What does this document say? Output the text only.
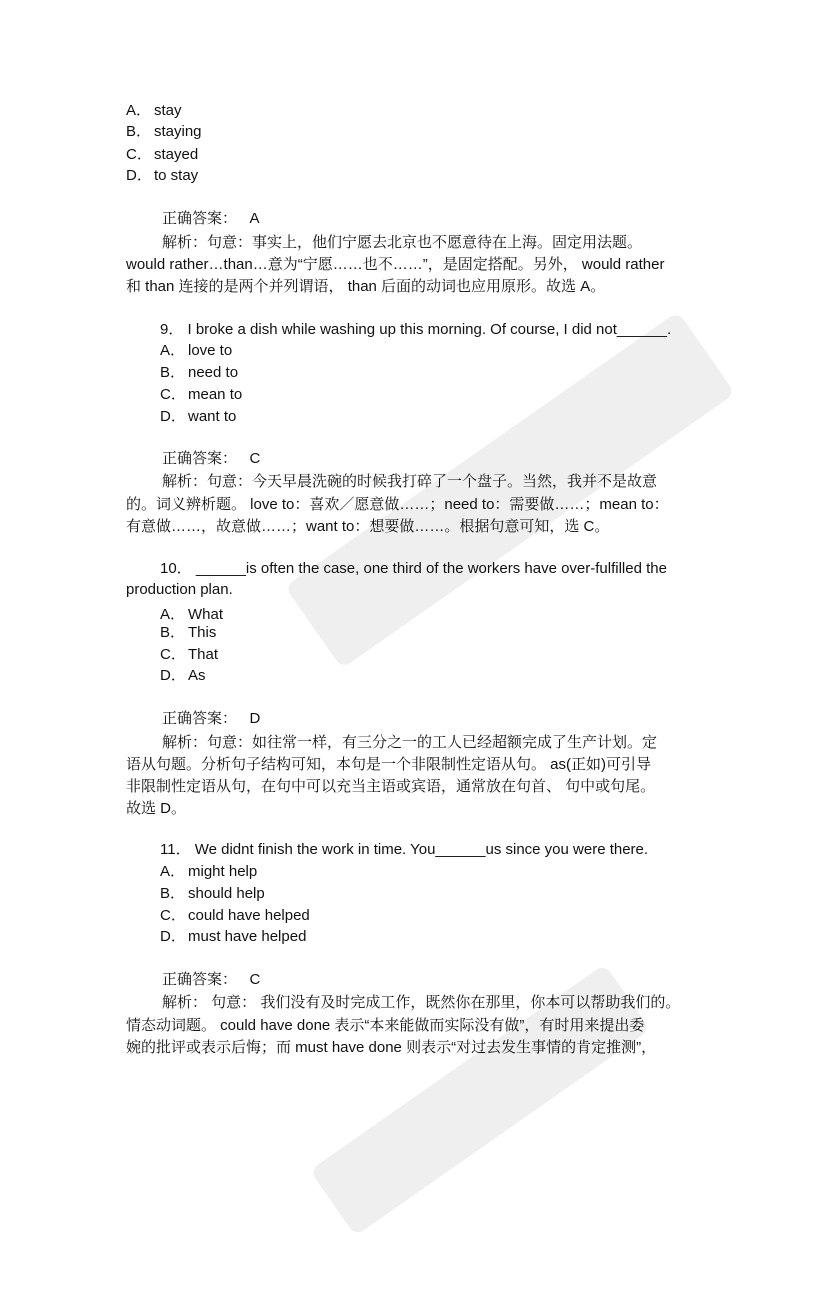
A． stay
B． staying
C． stayed
D． to stay
正确答案： A
解析：句意：事实上，他们宁愿去北京也不愿意待在上海。固定用法题。
would rather…than…意为“宁愿……也不……”，是固定搭配。另外， would rather
和 than 连接的是两个并列谓语， than 后面的动词也应用原形。故选 A。
9． I broke a dish while washing up this morning. Of course, I did not______.
A． love to
B． need to
C． mean to
D． want to
正确答案： C
解析：句意：今天早晨洗碗的时候我打碎了一个盘子。当然，我并不是故意
的。词义辨析题。 love to：喜欢／愿意做……；need to：需要做……；mean to：
有意做……，故意做……；want to：想要做……。根据句意可知，选 C。
10． ______is often the case, one third of the workers have over-fulfilled the
production plan.
A． What
B． This
C． That
D． As
正确答案： D
解析：句意：如往常一样，有三分之一的工人已经超额完成了生产计划。定
语从句题。分析句子结构可知，本句是一个非限制性定语从句。 as(正如)可引导
非限制性定语从句，在句中可以充当主语或宾语，通常放在句首、 句中或句尾。
故选 D。
11． We didnt finish the work in time. You______us since you were there.
A． might help
B． should help
C． could have helped
D． must have helped
正确答案： C
解析： 句意： 我们没有及时完成工作，既然你在那里，你本可以帮助我们的。
情态动词题。 could have done 表示“本来能做而实际没有做”，有时用来提出委
婉的批评或表示后悔；而 must have done 则表示“对过去发生事情的肯定推测”，
